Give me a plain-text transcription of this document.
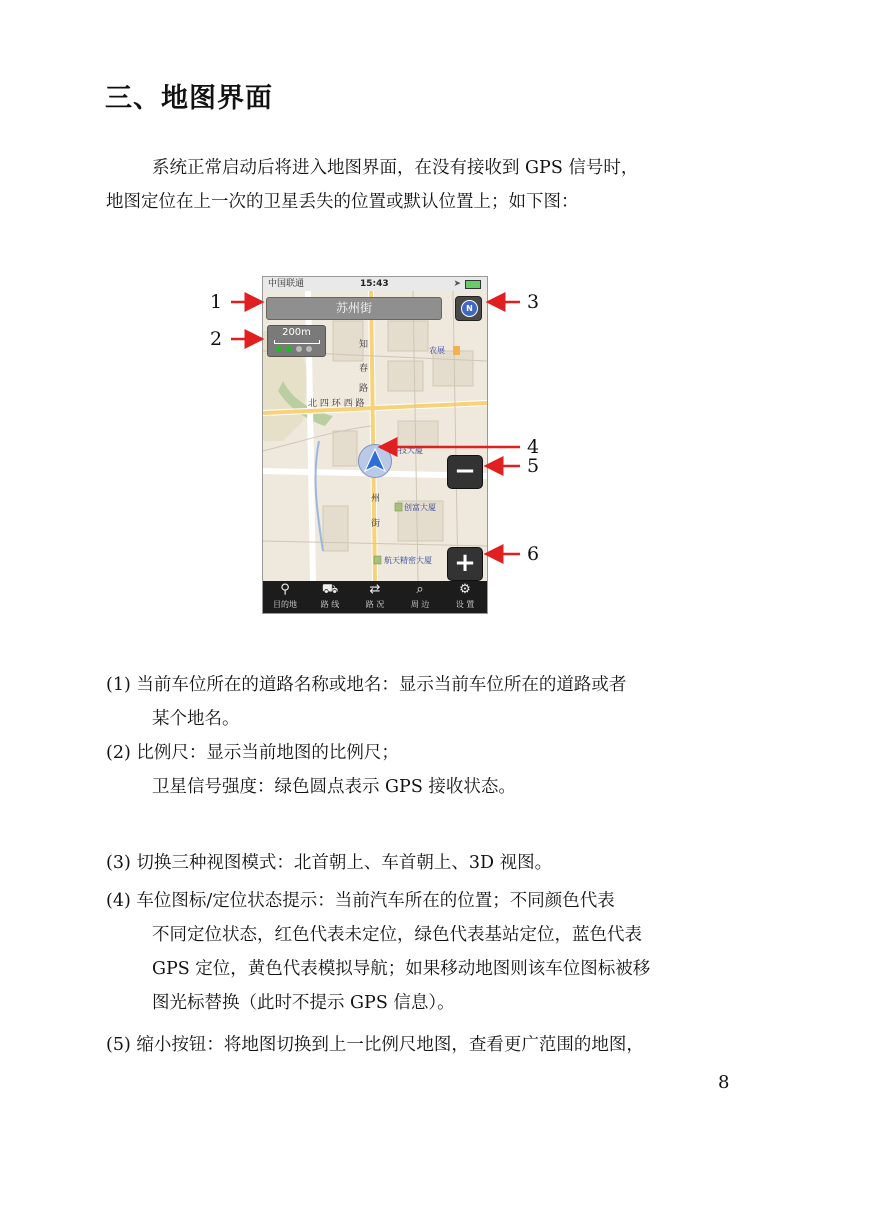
三、地图界面
系统正常启动后将进入地图界面，在没有接收到 GPS 信号时，
地图定位在上一次的卫星丢失的位置或默认位置上；如下图：
中国联通	15:43	➤
知
春
路
北 四 环 西 路
州
街
农展
科技大厦
创富大厦
航天精密大厦
苏州街	N
200m
−
+
⚲
目的地
⛟
路 线
⇄
路 况
⌕
周 边
⚙
设 置
1
2
3
4
5
6
(1) 当前车位所在的道路名称或地名：显示当前车位所在的道路或者
某个地名。
(2) 比例尺：显示当前地图的比例尺；
卫星信号强度：绿色圆点表示 GPS 接收状态。
(3) 切换三种视图模式：北首朝上、车首朝上、3D 视图。
(4) 车位图标/定位状态提示：当前汽车所在的位置；不同颜色代表
不同定位状态，红色代表未定位，绿色代表基站定位，蓝色代表
GPS 定位，黄色代表模拟导航；如果移动地图则该车位图标被移
图光标替换（此时不提示 GPS 信息）。
(5) 缩小按钮：将地图切换到上一比例尺地图，查看更广范围的地图，
8
